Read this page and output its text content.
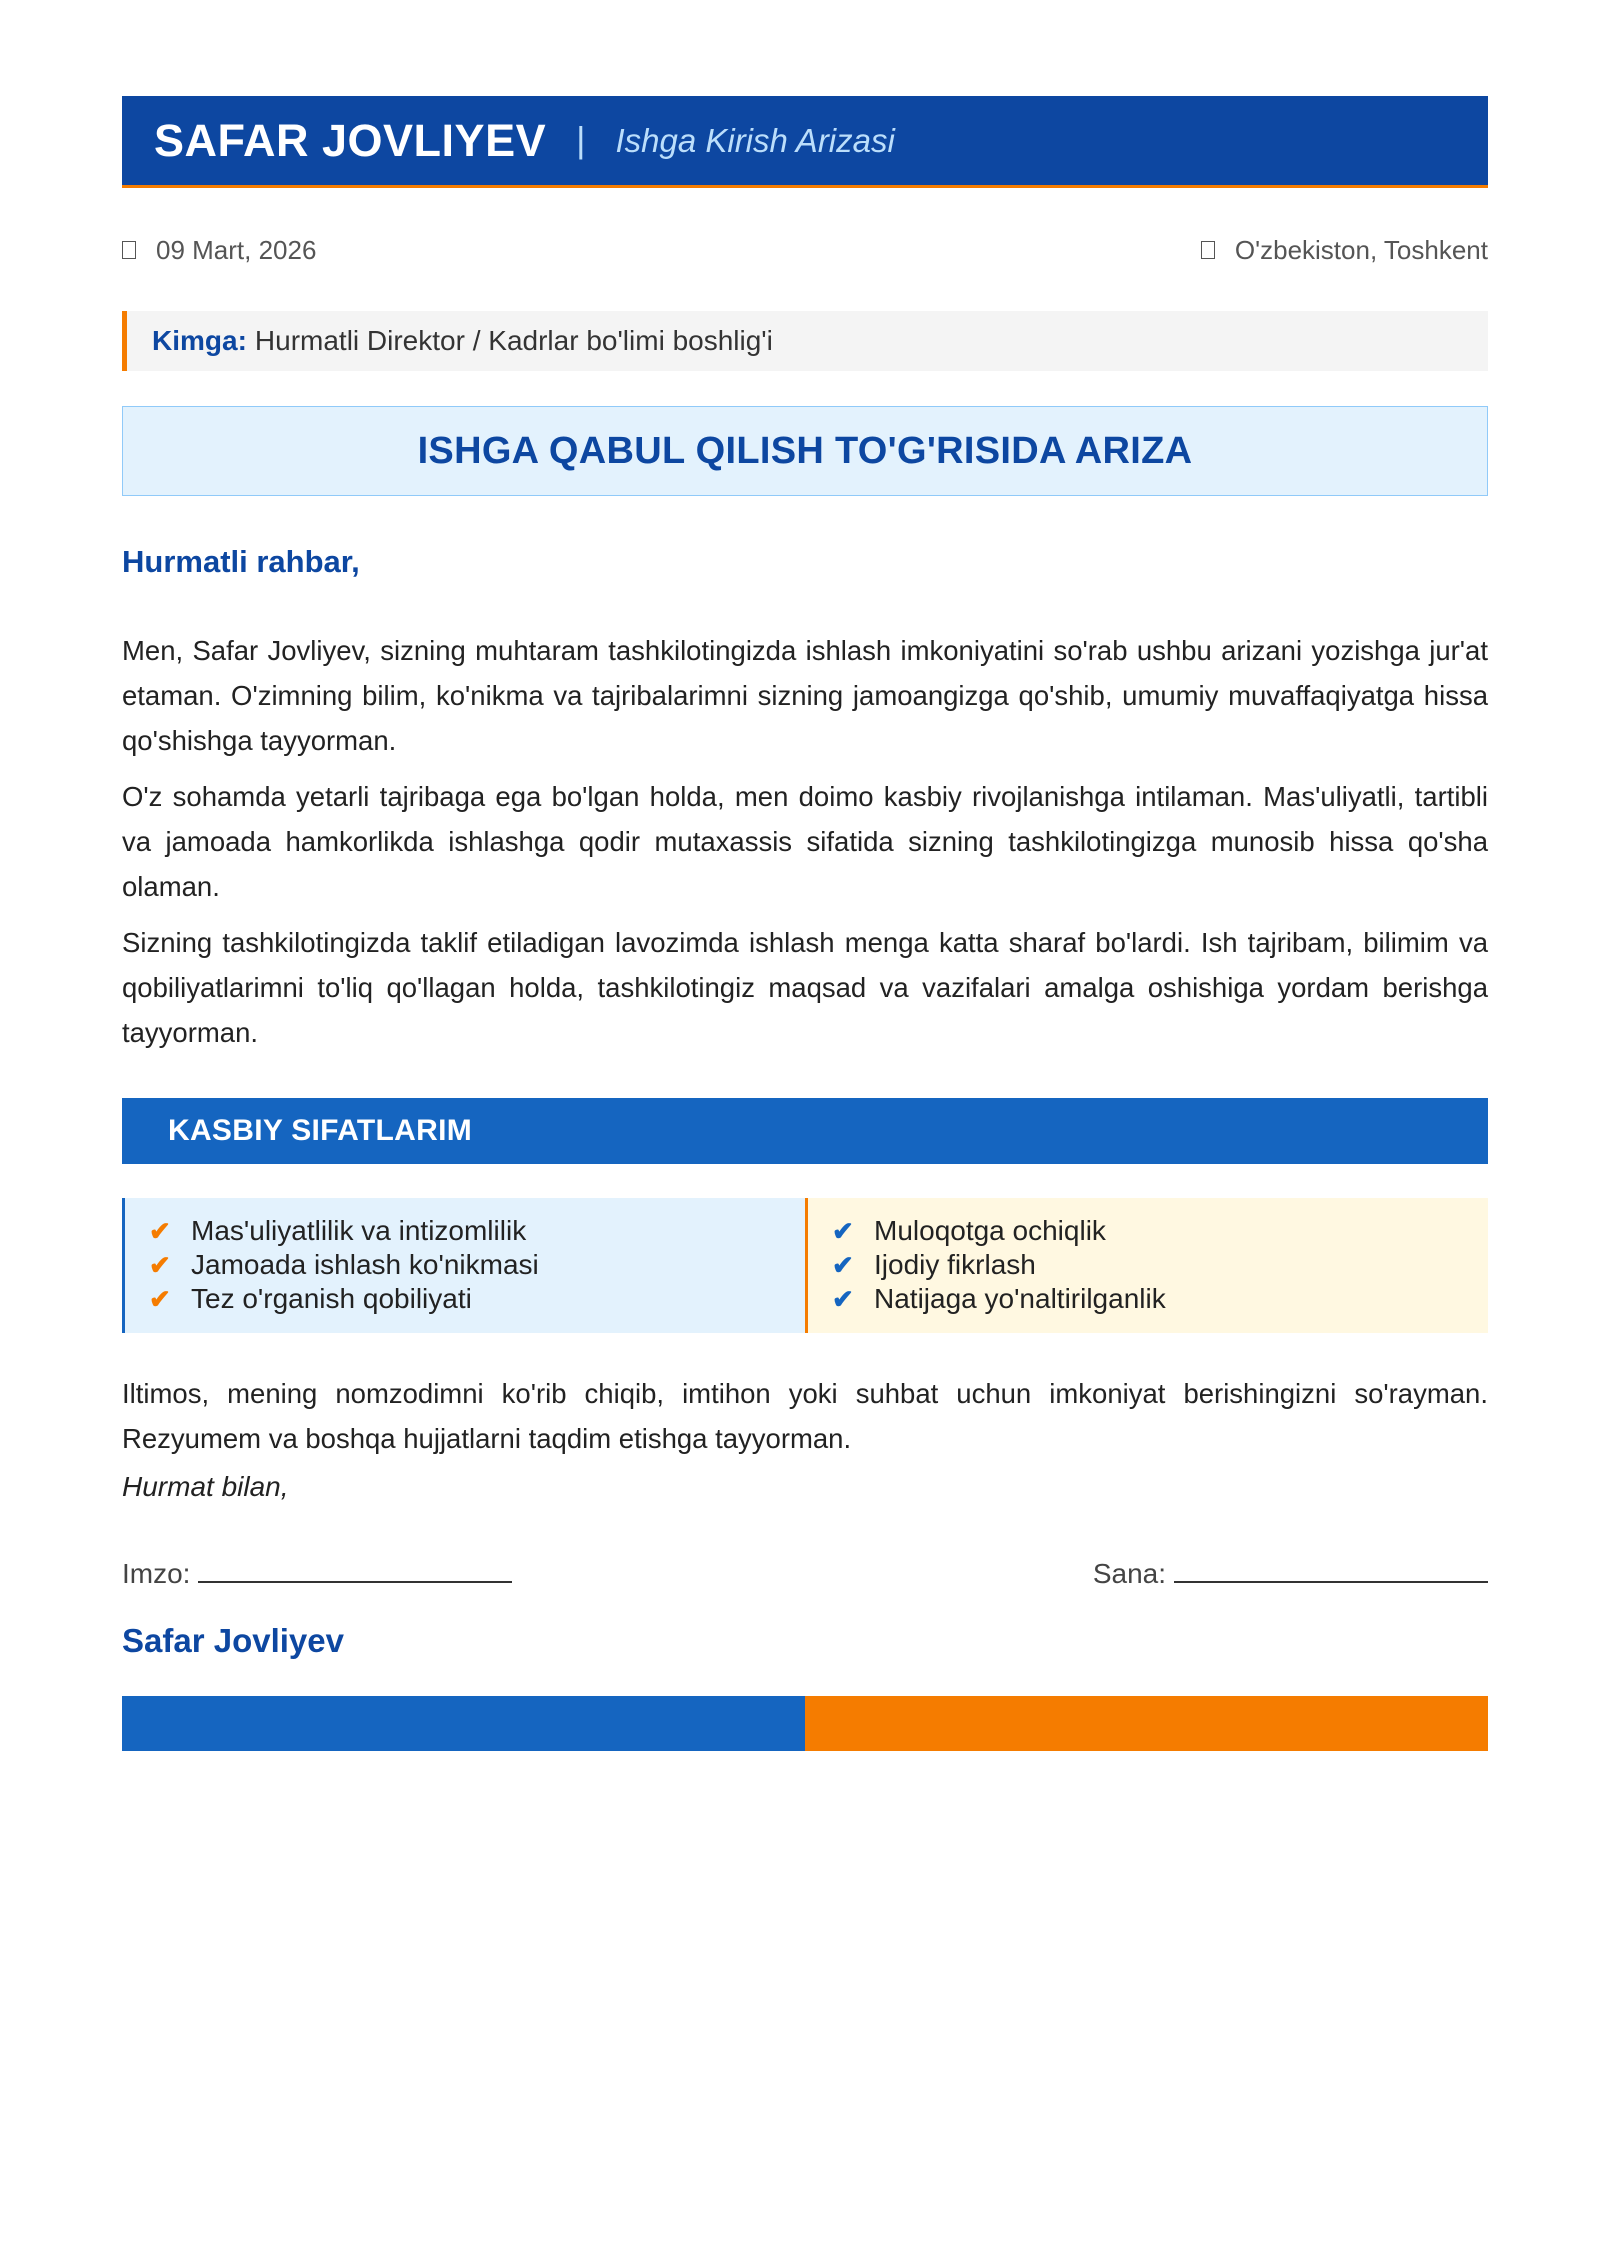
SAFAR JOVLIYEV | Ishga Kirish Arizasi
09 Mart, 2026	O'zbekiston, Toshkent
Kimga: Hurmatli Direktor / Kadrlar bo'limi boshlig'i
ISHGA QABUL QILISH TO'G'RISIDA ARIZA
Hurmatli rahbar,

Men, Safar Jovliyev, sizning muhtaram tashkilotingizda ishlash imkoniyatini so'rab ushbu arizani yozishga jur'at etaman. O'zimning bilim, ko'nikma va tajribalarimni sizning jamoangizga qo'shib, umumiy muvaffaqiyatga hissa qo'shishga tayyorman.

O'z sohamda yetarli tajribaga ega bo'lgan holda, men doimo kasbiy rivojlanishga intilaman. Mas'uliyatli, tartibli va jamoada hamkorlikda ishlashga qodir mutaxassis sifatida sizning tashkilotingizga munosib hissa qo'sha olaman.

Sizning tashkilotingizda taklif etiladigan lavozimda ishlash menga katta sharaf bo'lardi. Ish tajribam, bilimim va qobiliyatlarimni to'liq qo'llagan holda, tashkilotingiz maqsad va vazifalari amalga oshishiga yordam berishga tayyorman.

KASBIY SIFATLARIM
✔ Mas'uliyatlilik va intizomlilik
✔ Jamoada ishlash ko'nikmasi
✔ Tez o'rganish qobiliyati
✔ Muloqotga ochiqlik
✔ Ijodiy fikrlash
✔ Natijaga yo'naltirilganlik

Iltimos, mening nomzodimni ko'rib chiqib, imtihon yoki suhbat uchun imkoniyat berishingizni so'rayman. Rezyumem va boshqa hujjatlarni taqdim etishga tayyorman.

Hurmat bilan,
Imzo:	Sana:
Safar Jovliyev
